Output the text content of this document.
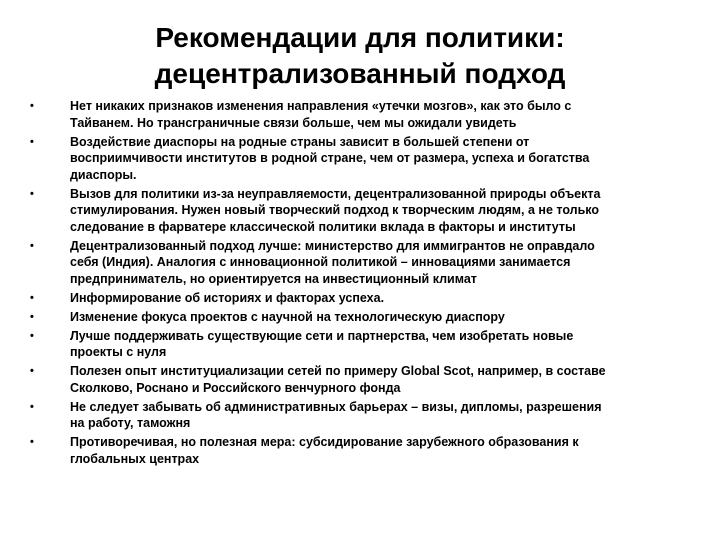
Рекомендации для политики:
децентрализованный подход
•	Нет никаких признаков изменения направления «утечки мозгов», как это было с
Тайванем. Но трансграничные связи больше, чем мы ожидали увидеть
•	Воздействие диаспоры на родные страны зависит в большей степени от
восприимчивости институтов в родной стране, чем от размера, успеха и богатства
диаспоры.
•	Вызов для политики из-за неуправляемости, децентрализованной природы объекта
стимулирования. Нужен новый творческий подход к творческим людям, а не только
следование в фарватере классической политики вклада в факторы и институты
•	Децентрализованный подход лучше: министерство для иммигрантов не оправдало
себя (Индия). Аналогия с инновационной политикой – инновациями занимается
предприниматель, но ориентируется на инвестиционный климат
•	Информирование об историях и факторах успеха.
•	Изменение фокуса проектов с научной на технологическую диаспору
•	Лучше поддерживать существующие сети и партнерства, чем изобретать новые
проекты с нуля
•	Полезен опыт институциализации сетей по примеру Global Scot, например, в составе
Сколково, Роснано и Российского венчурного фонда
•	Не следует забывать об административных барьерах – визы, дипломы, разрешения
на работу, таможня
•	Противоречивая, но полезная мера: субсидирование зарубежного образования к
глобальных центрах
